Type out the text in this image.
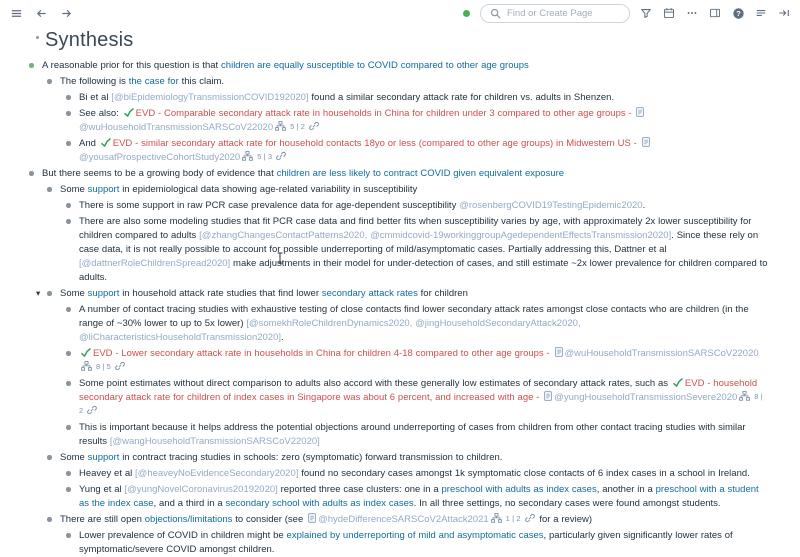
Find or Create Page
?
Synthesis
A reasonable prior for this question is that children are equally susceptible to COVID compared to other age groups
The following is the case for this claim.
Bi et al [@biEpidemiologyTransmissionCOVID192020] found a similar secondary attack rate for children vs. adults in Shenzen.
See also:
EVD - Comparable secondary attack rate in households in China for children under 3 compared to other age groups -
@wuHouseholdTransmissionSARSCoV22020 5 | 2
And
EVD - similar secondary attack rate for household contacts 18yo or less (compared to other age groups) in Midwestern US -
@yousafProspectiveCohortStudy2020 5 | 3
But there seems to be a growing body of evidence that children are less likely to contract COVID given equivalent exposure
Some support in epidemiological data showing age-related variability in susceptibility
There is some support in raw PCR case prevalence data for age-dependent susceptibility @rosenbergCOVID19TestingEpidemic2020.
There are also some modeling studies that fit PCR case data and find better fits when susceptibility varies by age, with approximately 2x lower susceptibility for children compared to adults [@zhangChangesContactPatterns2020, @cmmidcovid-19workinggroupAgedependentEffectsTransmission2020]. Since these rely on case data, it is not really possible to account for possible underreporting of mild/asymptomatic cases. Partially addressing this, Dattner et al [@dattnerRoleChildrenSpread2020] make adjustments in their model for under-detection of cases, and still estimate ~2x lower prevalence for children compared to adults.
▾ Some support in household attack rate studies that find lower secondary attack rates for children
A number of contact tracing studies with exhaustive testing of close contacts find lower secondary attack rates amongst close contacts who are children (in the range of ~30% lower to up to 5x lower) [@somekhRoleChildrenDynamics2020, @jingHouseholdSecondaryAttack2020, @liCharacteristicsHouseholdTransmission2020].
EVD - Lower secondary attack rate in households in China for children 4-18 compared to other age groups -
@wuHouseholdTransmissionSARSCoV22020
8 | 5
Some point estimates without direct comparison to adults also accord with these generally low estimates of secondary attack rates, such as
EVD - household secondary attack rate for children of index cases in Singapore was about 6 percent, and increased with age -
@yungHouseholdTransmissionSevere2020 8 | 2
This is important because it helps address the potential objections around underreporting of cases from children from other contact tracing studies with similar results [@wangHouseholdTransmissionSARSCoV22020]
Some support in contract tracing studies in schools: zero (symptomatic) forward transmission to children.
Heavey et al [@heaveyNoEvidenceSecondary2020] found no secondary cases amongst 1k symptomatic close contacts of 6 index cases in a school in Ireland.
Yung et al [@yungNovelCoronavirus20192020] reported three case clusters: one in a preschool with adults as index cases, another in a preschool with a student as the index case, and a third in a secondary school with adults as index cases. In all three settings, no secondary cases were found amongst students.
There are still open objections/limitations to consider (see
@hydeDifferenceSARSCoV2Attack2021 1 | 2
for a review)
Lower prevalence of COVID in children might be explained by underreporting of mild and asymptomatic cases, particularly given significantly lower rates of symptomatic/severe COVID amongst children.
